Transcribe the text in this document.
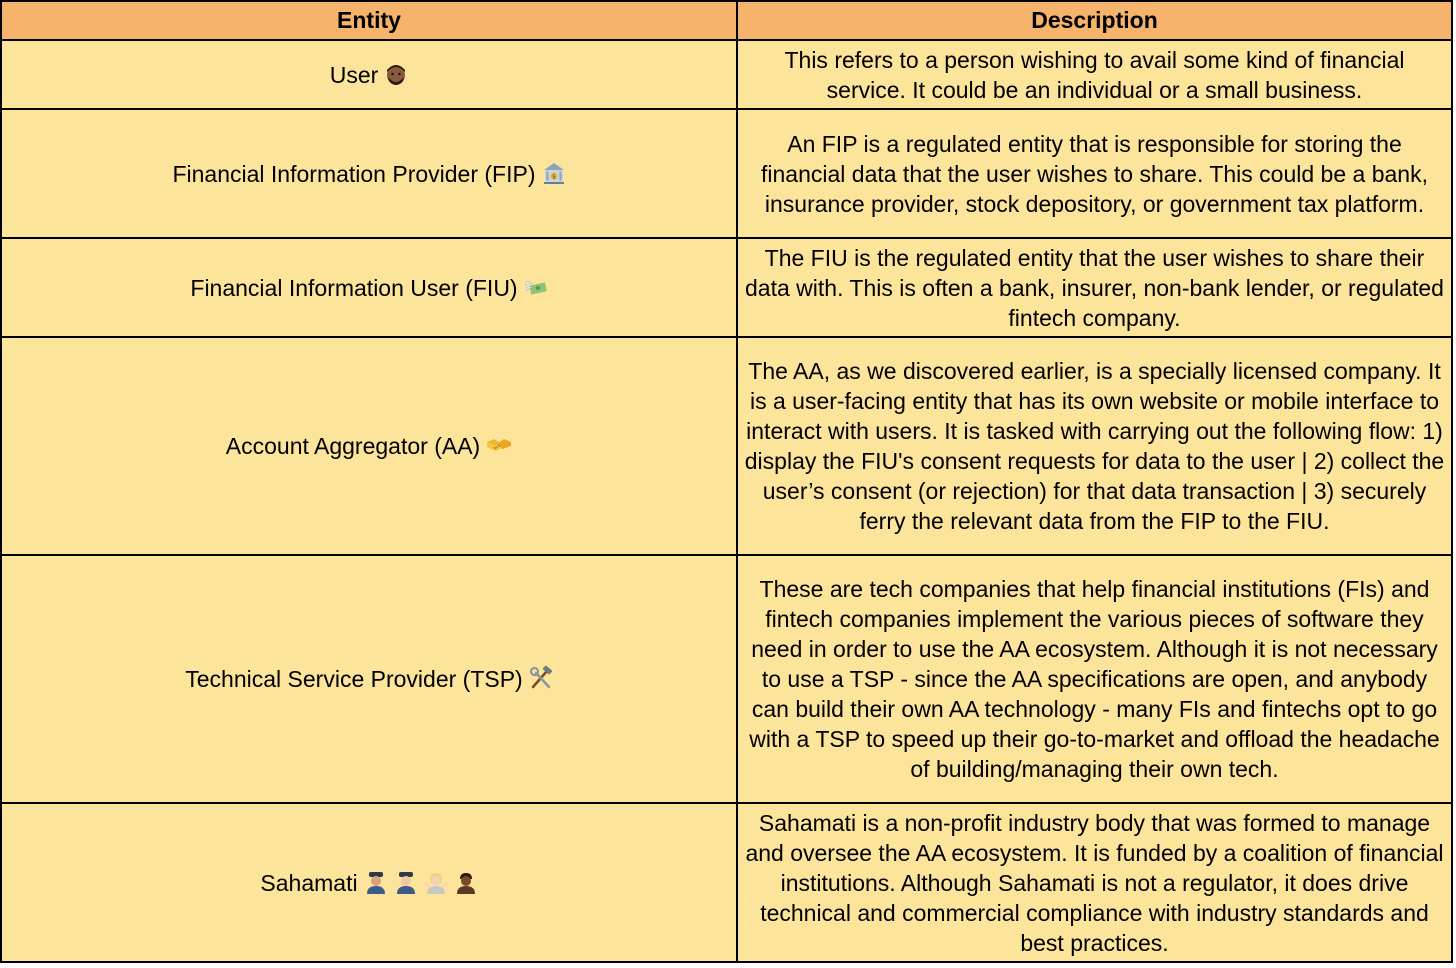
Entity	Description
User	This refers to a person wishing to avail some kind of financial service. It could be an individual or a small business.
Financial Information Provider (FIP) $	An FIP is a regulated entity that is responsible for storing the financial data that the user wishes to share. This could be a bank, insurance provider, stock depository, or government tax platform.
Financial Information User (FIU)	The FIU is the regulated entity that the user wishes to share their data with. This is often a bank, insurer, non-bank lender, or regulated fintech company.
Account Aggregator (AA)	The AA, as we discovered earlier, is a specially licensed company. It is a user-facing entity that has its own website or mobile interface to interact with users. It is tasked with carrying out the following flow: 1) display the FIU's consent requests for data to the user | 2) collect the user’s consent (or rejection) for that data transaction | 3) securely ferry the relevant data from the FIP to the FIU.
Technical Service Provider (TSP)	These are tech companies that help financial institutions (FIs) and fintech companies implement the various pieces of software they need in order to use the AA ecosystem. Although it is not necessary to use a TSP - since the AA specifications are open, and anybody can build their own AA technology - many FIs and fintechs opt to go with a TSP to speed up their go-to-market and offload the headache of building/managing their own tech.
Sahamati	Sahamati is a non-profit industry body that was formed to manage and oversee the AA ecosystem. It is funded by a coalition of financial institutions. Although Sahamati is not a regulator, it does drive technical and commercial compliance with industry standards and best practices.
